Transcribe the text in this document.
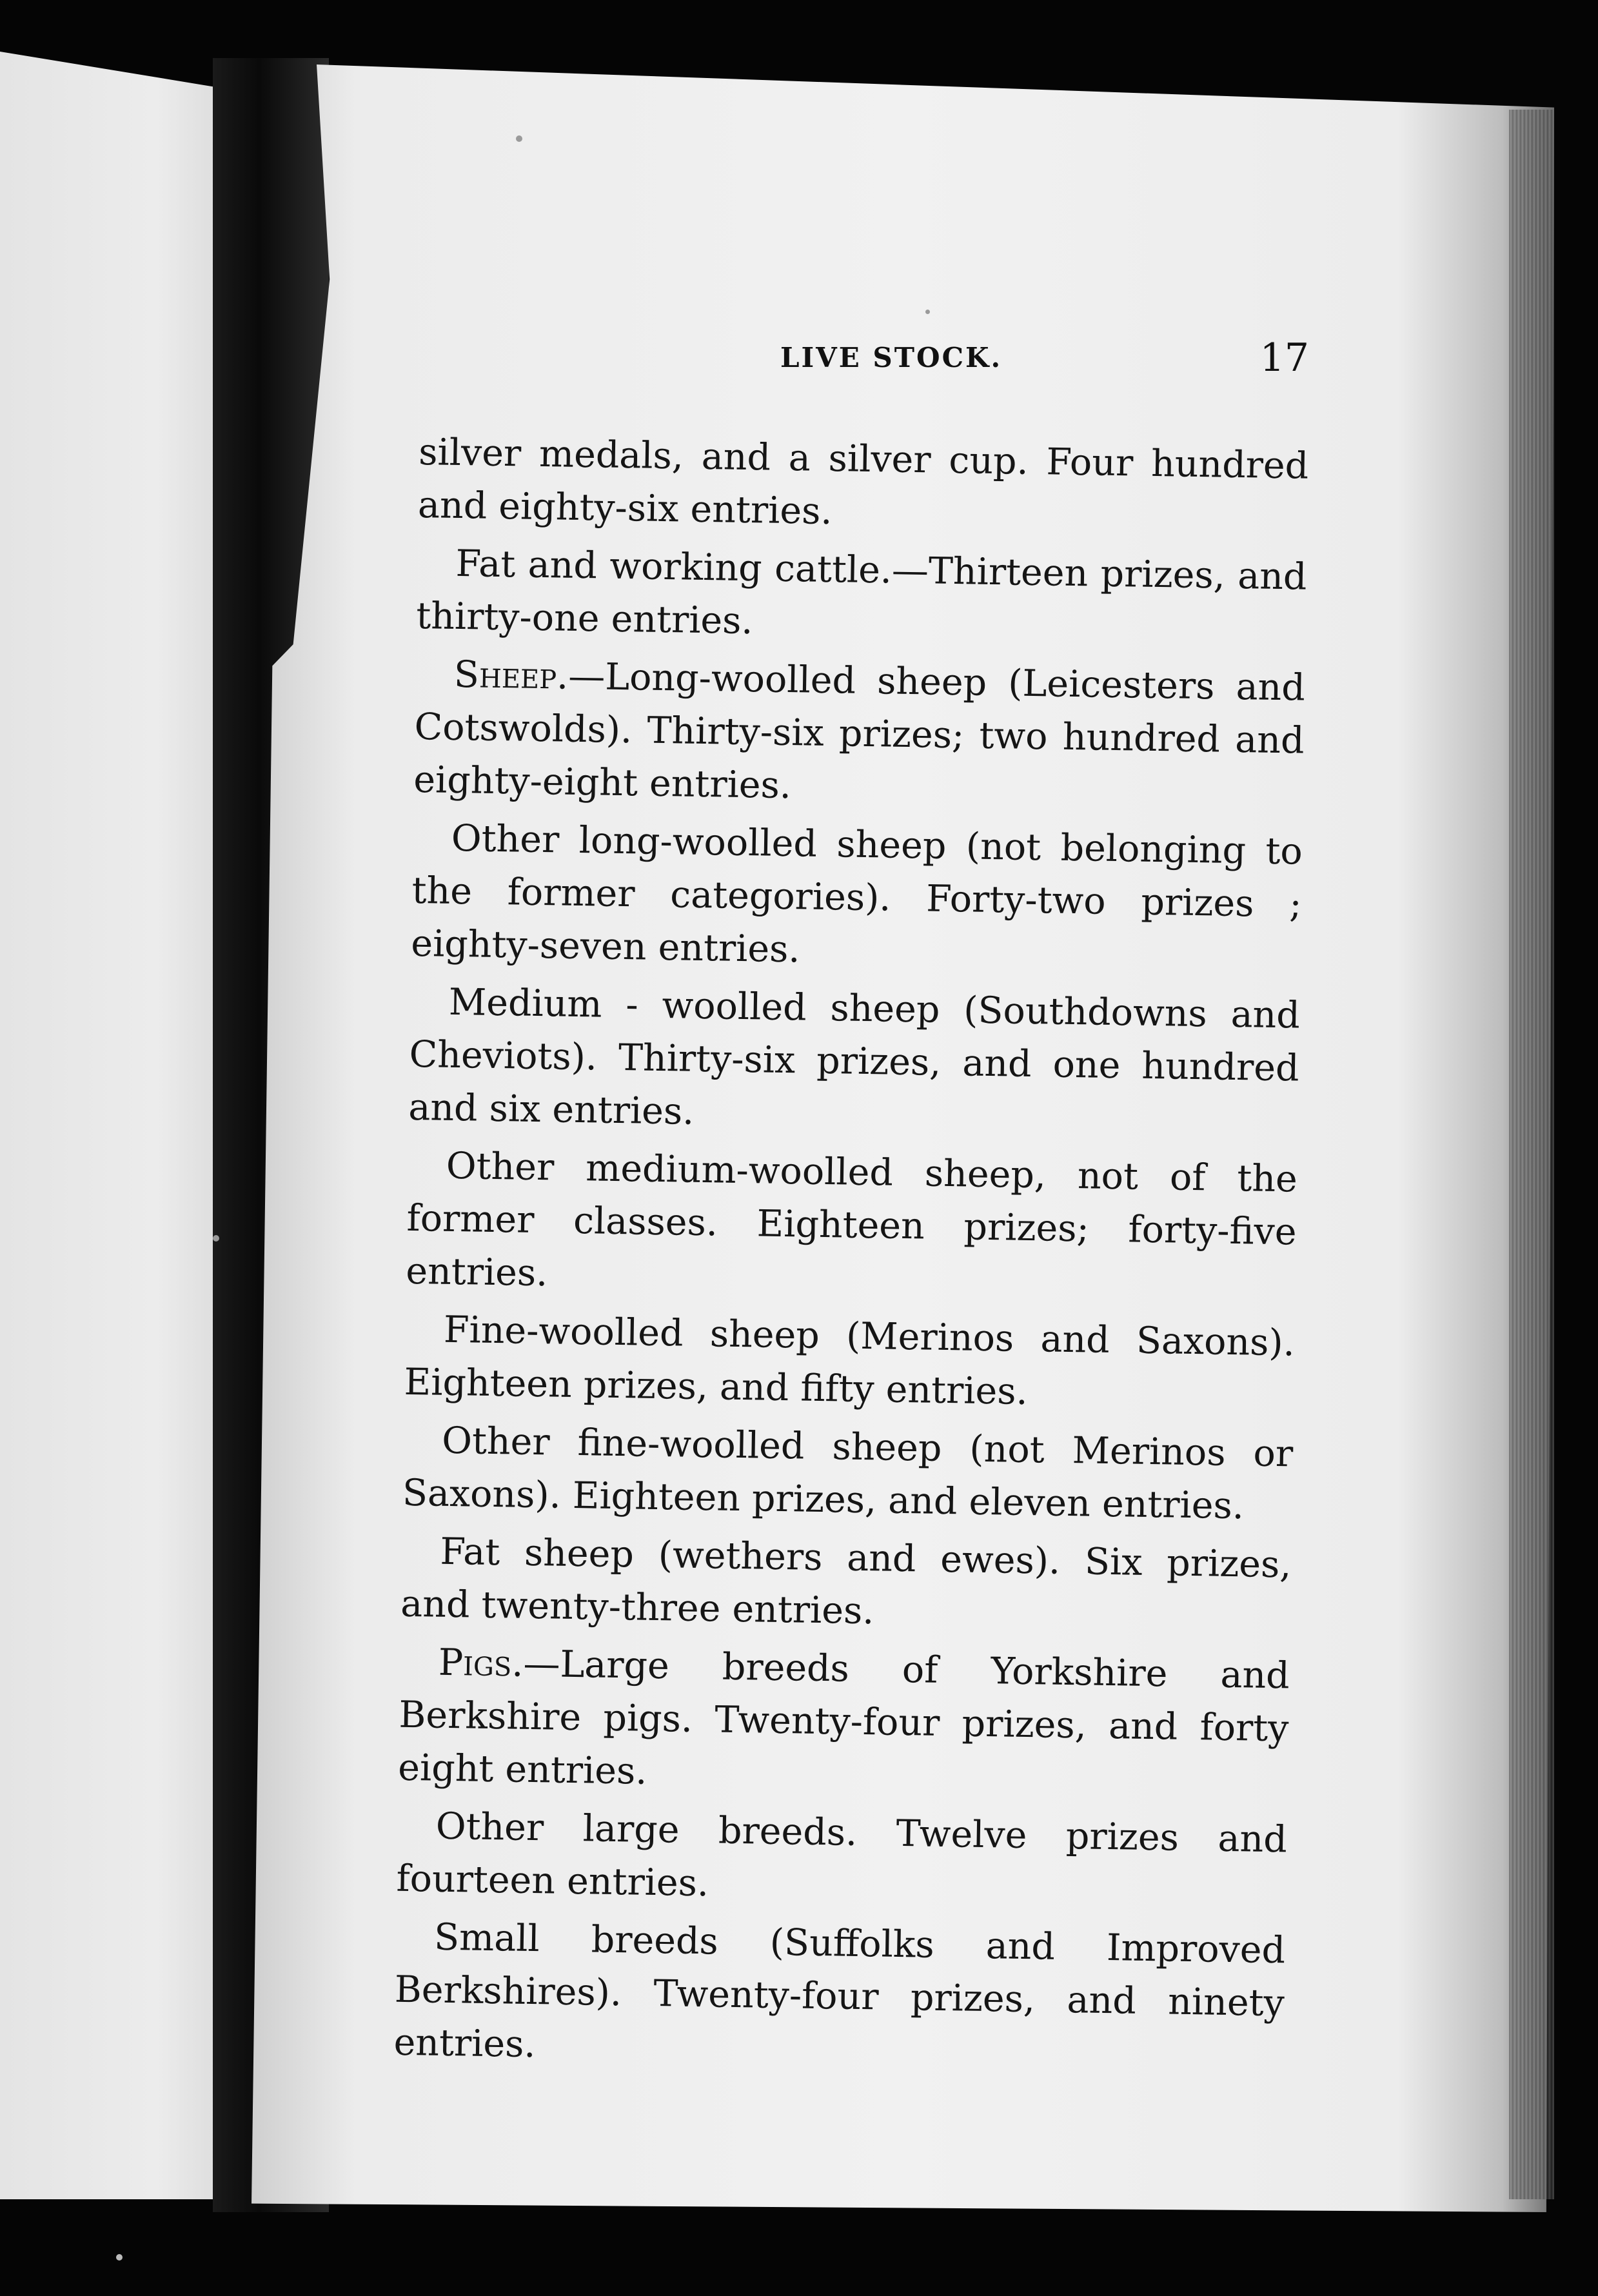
LIVE STOCK.	17

silver medals, and a silver cup. Four hundred and eighty-six entries.

Fat and working cattle.—Thirteen prizes, and thirty-one entries.

Sheep.—Long-woolled sheep (Leicesters and Cotswolds). Thirty-six prizes; two hundred and eighty-eight entries.

Other long-woolled sheep (not belonging to the former categories). Forty-two prizes ; eighty-seven entries.

Medium - woolled sheep (Southdowns and Cheviots). Thirty-six prizes, and one hundred and six entries.

Other medium-woolled sheep, not of the former classes. Eighteen prizes; forty-five entries.

Fine-woolled sheep (Merinos and Saxons). Eighteen prizes, and fifty entries.

Other fine-woolled sheep (not Merinos or Saxons). Eighteen prizes, and eleven entries.

Fat sheep (wethers and ewes). Six prizes, and twenty-three entries.

Pigs.—Large breeds of Yorkshire and Berkshire pigs. Twenty-four prizes, and forty eight entries.

Other large breeds. Twelve prizes and fourteen entries.

Small breeds (Suffolks and Improved Berkshires). Twenty-four prizes, and ninety entries.
